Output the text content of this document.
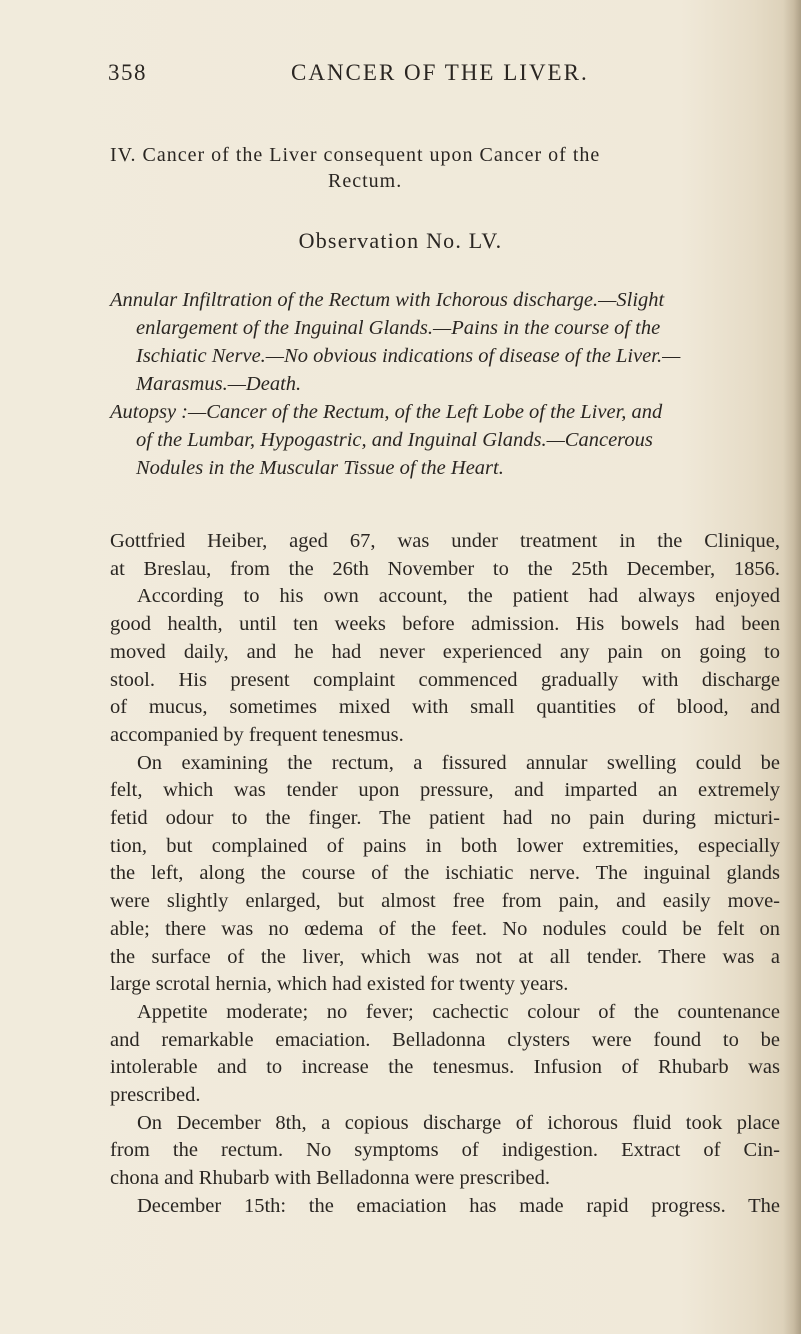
358	CANCER OF THE LIVER.
IV. Cancer of the Liver consequent upon Cancer of the
Rectum.
Observation No. LV.
Annular Infiltration of the Rectum with Ichorous discharge.—Slight
enlargement of the Inguinal Glands.—Pains in the course of the
Ischiatic Nerve.—No obvious indications of disease of the Liver.—
Marasmus.—Death.
Autopsy :—Cancer of the Rectum, of the Left Lobe of the Liver, and
of the Lumbar, Hypogastric, and Inguinal Glands.—Cancerous
Nodules in the Muscular Tissue of the Heart.
Gottfried Heiber, aged 67, was under treatment in the Clinique,
at Breslau, from the 26th November to the 25th December, 1856.
According to his own account, the patient had always enjoyed
good health, until ten weeks before admission. His bowels had been
moved daily, and he had never experienced any pain on going to
stool. His present complaint commenced gradually with discharge
of mucus, sometimes mixed with small quantities of blood, and
accompanied by frequent tenesmus.
On examining the rectum, a fissured annular swelling could be
felt, which was tender upon pressure, and imparted an extremely
fetid odour to the finger. The patient had no pain during micturi-
tion, but complained of pains in both lower extremities, especially
the left, along the course of the ischiatic nerve. The inguinal glands
were slightly enlarged, but almost free from pain, and easily move-
able; there was no œdema of the feet. No nodules could be felt on
the surface of the liver, which was not at all tender. There was a
large scrotal hernia, which had existed for twenty years.
Appetite moderate; no fever; cachectic colour of the countenance
and remarkable emaciation. Belladonna clysters were found to be
intolerable and to increase the tenesmus. Infusion of Rhubarb was
prescribed.
On December 8th, a copious discharge of ichorous fluid took place
from the rectum. No symptoms of indigestion. Extract of Cin-
chona and Rhubarb with Belladonna were prescribed.
December 15th: the emaciation has made rapid progress. The
